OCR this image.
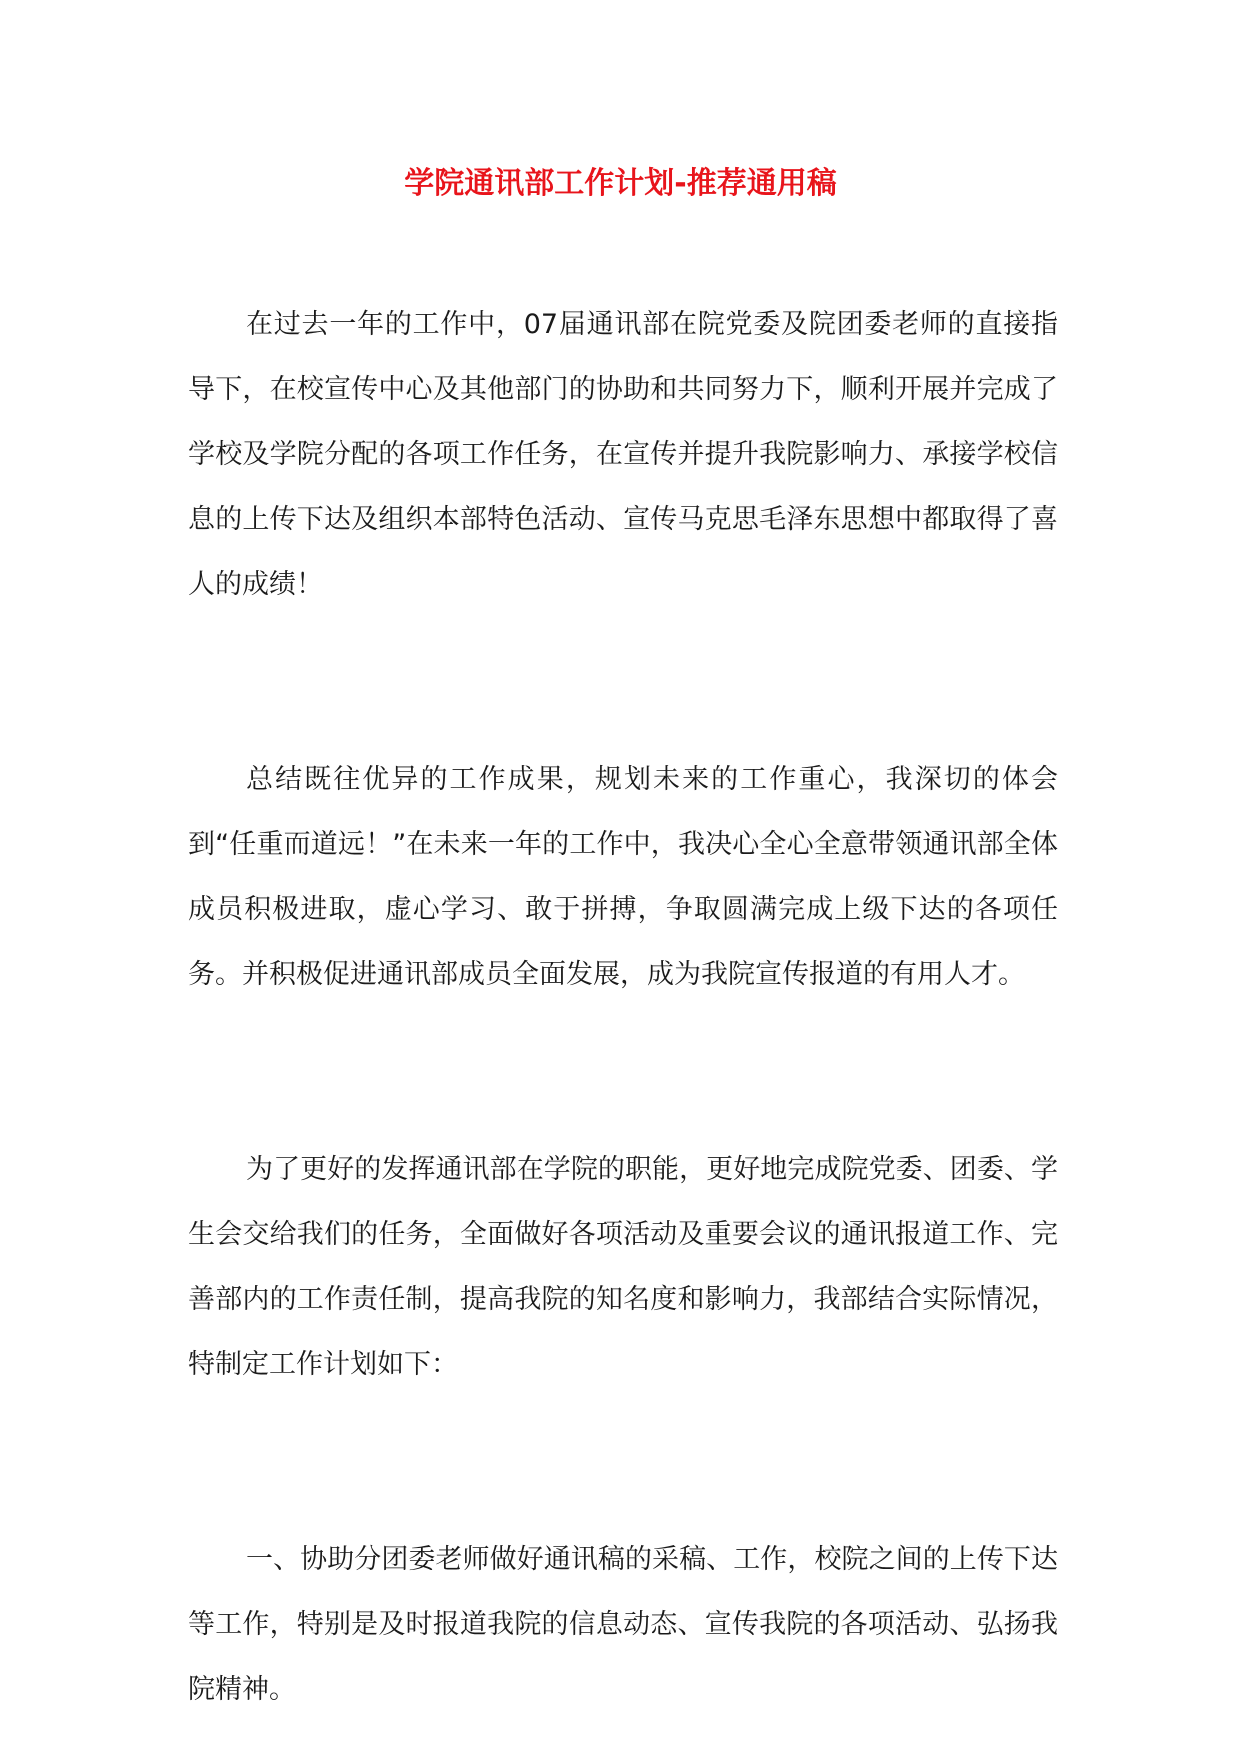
学院通讯部工作计划-推荐通用稿

在过去一年的工作中，07届通讯部在院党委及院团委老师的直接指导下，在校宣传中心及其他部门的协助和共同努力下，顺利开展并完成了学校及学院分配的各项工作任务，在宣传并提升我院影响力、承接学校信息的上传下达及组织本部特色活动、宣传马克思毛泽东思想中都取得了喜人的成绩！

总结既往优异的工作成果，规划未来的工作重心，我深切的体会到“任重而道远！”在未来一年的工作中，我决心全心全意带领通讯部全体成员积极进取，虚心学习、敢于拼搏，争取圆满完成上级下达的各项任务。并积极促进通讯部成员全面发展，成为我院宣传报道的有用人才。

为了更好的发挥通讯部在学院的职能，更好地完成院党委、团委、学生会交给我们的任务，全面做好各项活动及重要会议的通讯报道工作、完善部内的工作责任制，提高我院的知名度和影响力，我部结合实际情况，特制定工作计划如下：

一、协助分团委老师做好通讯稿的采稿、工作，校院之间的上传下达等工作，特别是及时报道我院的信息动态、宣传我院的各项活动、弘扬我院精神。
